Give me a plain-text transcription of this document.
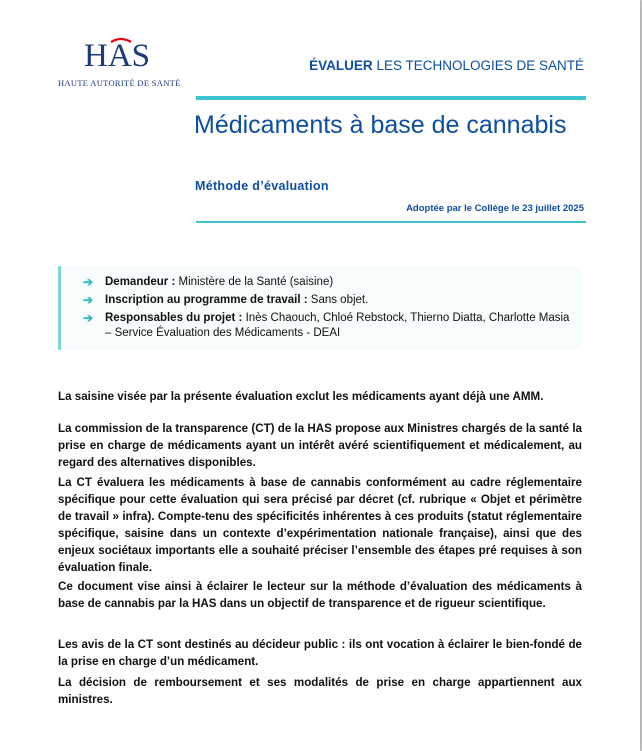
HAS
HAUTE AUTORITÉ DE SANTÉ
ÉVALUER LES TECHNOLOGIES DE SANTÉ
Médicaments à base de cannabis
Méthode d’évaluation
Adoptée par le Collège le 23 juillet 2025
➔	Demandeur : Ministère de la Santé (saisine)
➔	Inscription au programme de travail : Sans objet.
➔	Responsables du projet : Inès Chaouch, Chloé Rebstock, Thierno Diatta, Charlotte Masia – Service Évaluation des Médicaments - DEAI

La saisine visée par la présente évaluation exclut les médicaments ayant déjà une AMM.

La commission de la transparence (CT) de la HAS propose aux Ministres chargés de la santé la prise en charge de médicaments ayant un intérêt avéré scientifiquement et médicalement, au regard des alternatives disponibles.

La CT évaluera les médicaments à base de cannabis conformément au cadre réglementaire spécifique pour cette évaluation qui sera précisé par décret (cf. rubrique « Objet et périmètre de travail » infra). Compte-tenu des spécificités inhérentes à ces produits (statut réglementaire spécifique, saisine dans un contexte d’expérimentation nationale française), ainsi que des enjeux sociétaux importants elle a souhaité préciser l’ensemble des étapes pré requises à son évaluation finale.

Ce document vise ainsi à éclairer le lecteur sur la méthode d’évaluation des médicaments à base de cannabis par la HAS dans un objectif de transparence et de rigueur scientifique.

Les avis de la CT sont destinés au décideur public : ils ont vocation à éclairer le bien-fondé de la prise en charge d’un médicament.

La décision de remboursement et ses modalités de prise en charge appartiennent aux ministres.
